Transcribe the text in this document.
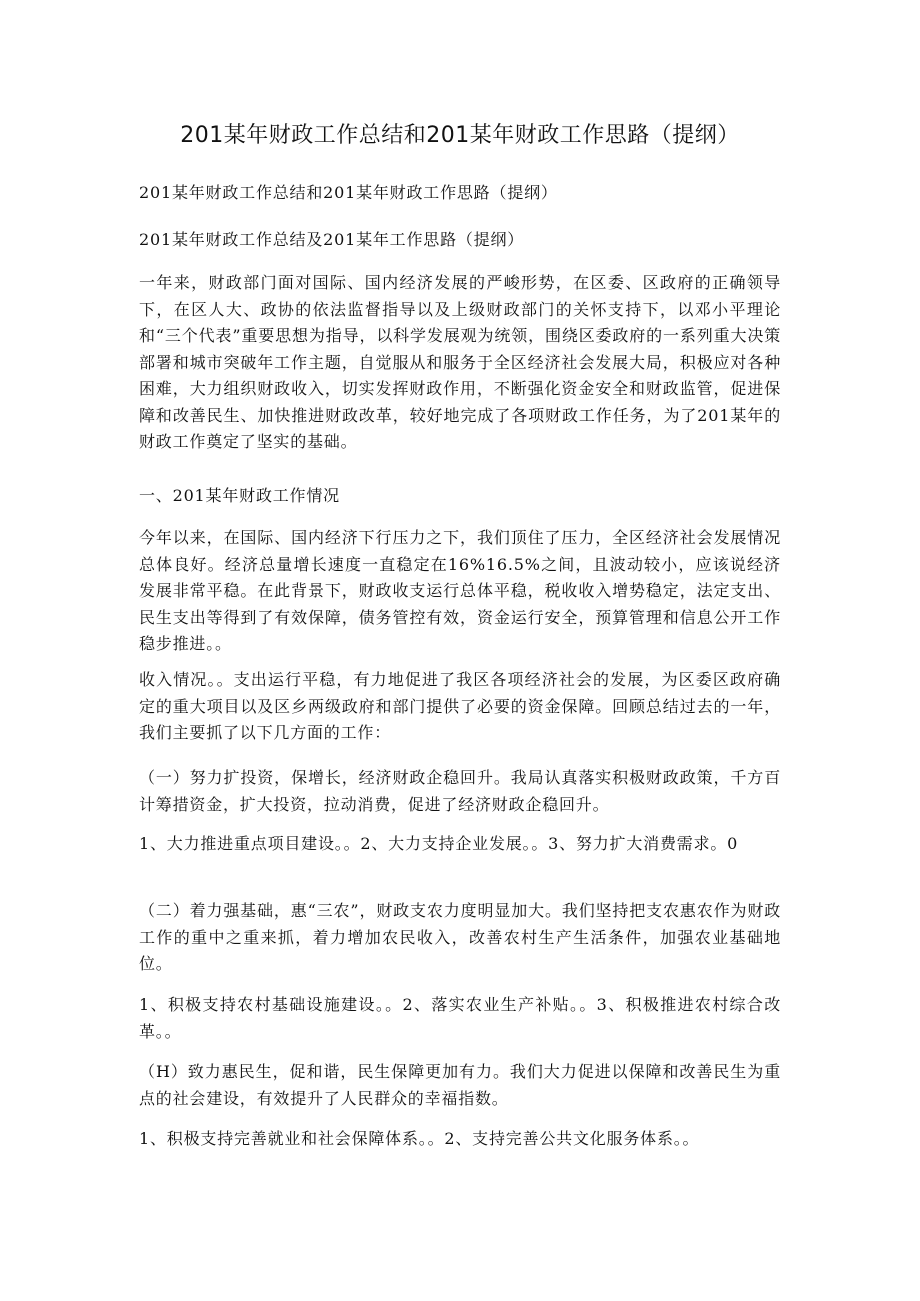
201某年财政工作总结和201某年财政工作思路（提纲）

201某年财政工作总结和201某年财政工作思路（提纲）

201某年财政工作总结及201某年工作思路（提纲）

一年来，财政部门面对国际、国内经济发展的严峻形势，在区委、区政府的正确领导下，在区人大、政协的依法监督指导以及上级财政部门的关怀支持下，以邓小平理论和“三个代表”重要思想为指导，以科学发展观为统领，围绕区委政府的一系列重大决策部署和城市突破年工作主题，自觉服从和服务于全区经济社会发展大局，积极应对各种困难，大力组织财政收入，切实发挥财政作用，不断强化资金安全和财政监管，促进保障和改善民生、加快推进财政改革，较好地完成了各项财政工作任务，为了201某年的财政工作奠定了坚实的基础。

一、201某年财政工作情况

今年以来，在国际、国内经济下行压力之下，我们顶住了压力，全区经济社会发展情况总体良好。经济总量增长速度一直稳定在16%16.5%之间，且波动较小，应该说经济发展非常平稳。在此背景下，财政收支运行总体平稳，税收收入增势稳定，法定支出、民生支出等得到了有效保障，债务管控有效，资金运行安全，预算管理和信息公开工作稳步推进。。

收入情况。。支出运行平稳，有力地促进了我区各项经济社会的发展，为区委区政府确定的重大项目以及区乡两级政府和部门提供了必要的资金保障。回顾总结过去的一年，我们主要抓了以下几方面的工作：

（一）努力扩投资，保增长，经济财政企稳回升。我局认真落实积极财政政策，千方百计筹措资金，扩大投资，拉动消费，促进了经济财政企稳回升。

1、大力推进重点项目建设。。2、大力支持企业发展。。3、努力扩大消费需求。0

（二）着力强基础，惠“三农”，财政支农力度明显加大。我们坚持把支农惠农作为财政工作的重中之重来抓，着力增加农民收入，改善农村生产生活条件，加强农业基础地位。

1、积极支持农村基础设施建设。。2、落实农业生产补贴。。3、积极推进农村综合改革。。

（H）致力惠民生，促和谐，民生保障更加有力。我们大力促进以保障和改善民生为重点的社会建设，有效提升了人民群众的幸福指数。

1、积极支持完善就业和社会保障体系。。2、支持完善公共文化服务体系。。
